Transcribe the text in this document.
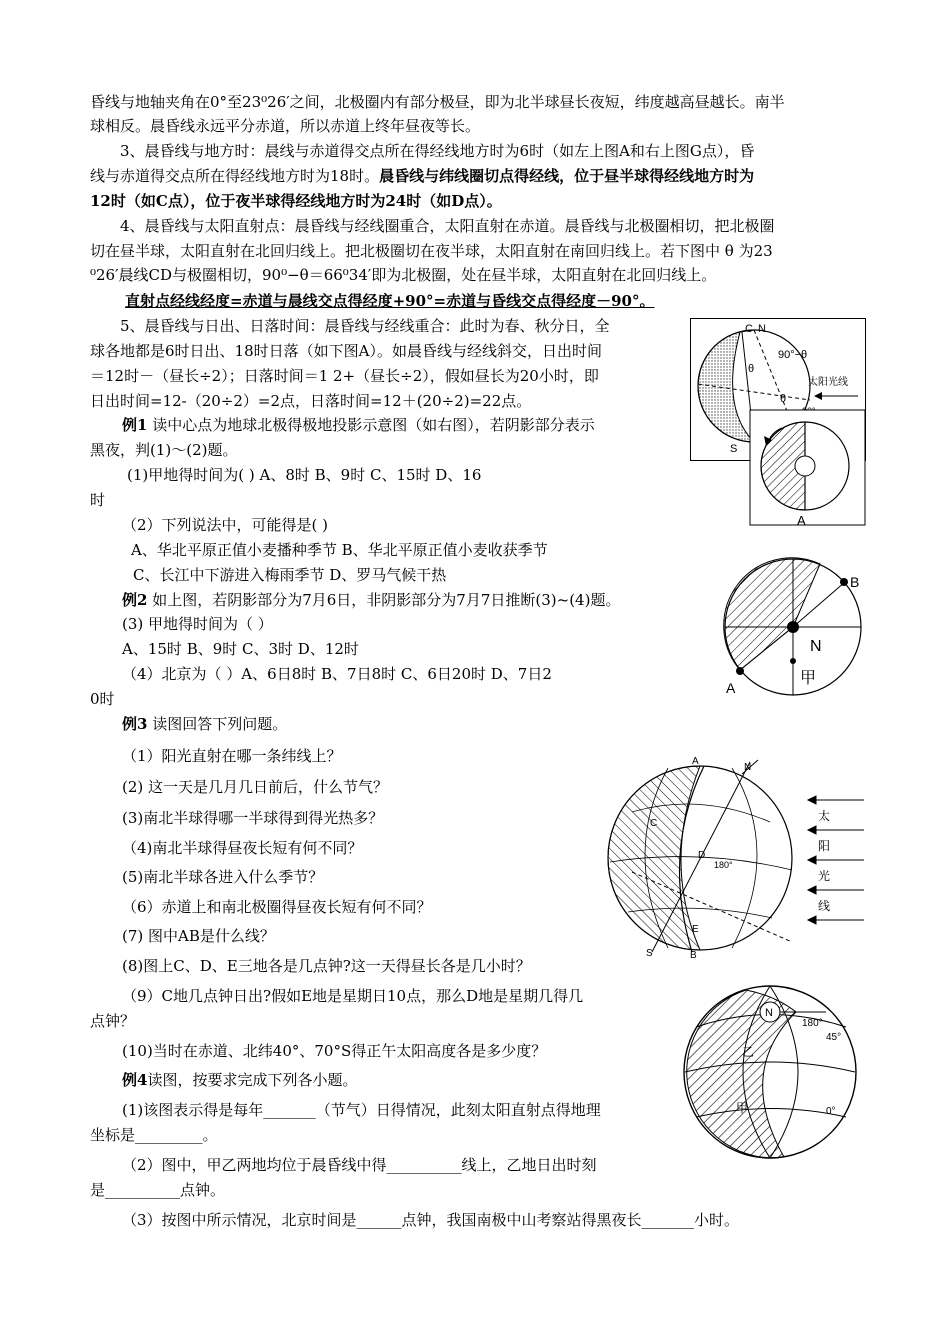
昏线与地轴夹角在0°至23⁰26′之间，北极圈内有部分极昼，即为北半球昼长夜短，纬度越高昼越长。南半
球相反。晨昏线永远平分赤道，所以赤道上终年昼夜等长。
3、晨昏线与地方时：晨线与赤道得交点所在得经线地方时为6时（如左上图A和右上图G点），昏
线与赤道得交点所在得经线地方时为18时。晨昏线与纬线圈切点得经线，位于昼半球得经线地方时为
12时（如C点），位于夜半球得经线地方时为24时（如D点）。
4、晨昏线与太阳直射点：晨昏线与经线圈重合，太阳直射在赤道。晨昏线与北极圈相切，把北极圈
切在昼半球，太阳直射在北回归线上。把北极圈切在夜半球，太阳直射在南回归线上。若下图中 θ 为23
⁰26′晨线CD与极圈相切，90⁰−θ＝66⁰34′即为北极圈，处在昼半球，太阳直射在北回归线上。
直射点经线经度=赤道与晨线交点得经度+90°=赤道与昏线交点得经度－90°。
5、晨昏线与日出、日落时间：晨昏线与经线重合：此时为春、秋分日，全
球各地都是6时日出、18时日落（如下图A）。如晨昏线与经线斜交，日出时间
＝12时－（昼长÷2）；日落时间＝1 2+（昼长÷2），假如昼长为20小时，即
日出时间=12-（20÷2）=2点，日落时间=12＋(20÷2)=22点。
例1 读中心点为地球北极得极地投影示意图（如右图），若阴影部分表示
黑夜，判(1)～(2)题。
(1)甲地得时间为( ) A、8时 B、9时 C、15时 D、16
时
（2）下列说法中，可能得是( )
A、华北平原正值小麦播种季节 B、华北平原正值小麦收获季节
C、长江中下游进入梅雨季节 D、罗马气候干热
例2 如上图，若阴影部分为7月6日，非阴影部分为7月7日推断(3)~(4)题。
(3) 甲地得时间为（ ）
A、15时 B、9时 C、3时 D、12时
（4）北京为（ ）A、6日8时 B、7日8时 C、6日20时 D、7日2
0时
例3 读图回答下列问题。
（1）阳光直射在哪一条纬线上？
(2) 这一天是几月几日前后，什么节气？
(3)南北半球得哪一半球得到得光热多？
（4)南北半球得昼夜长短有何不同？
(5)南北半球各进入什么季节？
（6）赤道上和南北极圈得昼夜长短有何不同？
(7) 图中AB是什么线？
(8)图上C、D、E三地各是几点钟?这一天得昼长各是几小时？
（9）C地几点钟日出?假如E地是星期日10点，那么D地是星期几得几
点钟？
(10)当时在赤道、北纬40°、70°S得正午太阳高度各是多少度？
例4读图，按要求完成下列各小题。
(1)该图表示得是每年_______（节气）日得情况，此刻太阳直射点得地理
坐标是_________。
（2）图中，甲乙两地均位于晨昏线中得__________线上，乙地日出时刻
是__________点钟。
（3）按图中所示情况，北京时间是______点钟，我国南极中山考察站得黑夜长_______小时。
C N
90°−θ
θ
θ
太阳光线
S
A
B
A
N
甲
A
N
C
D
180°
E
B
S
太
阳
光
线
N
180°
45°
乙
甲	0°
